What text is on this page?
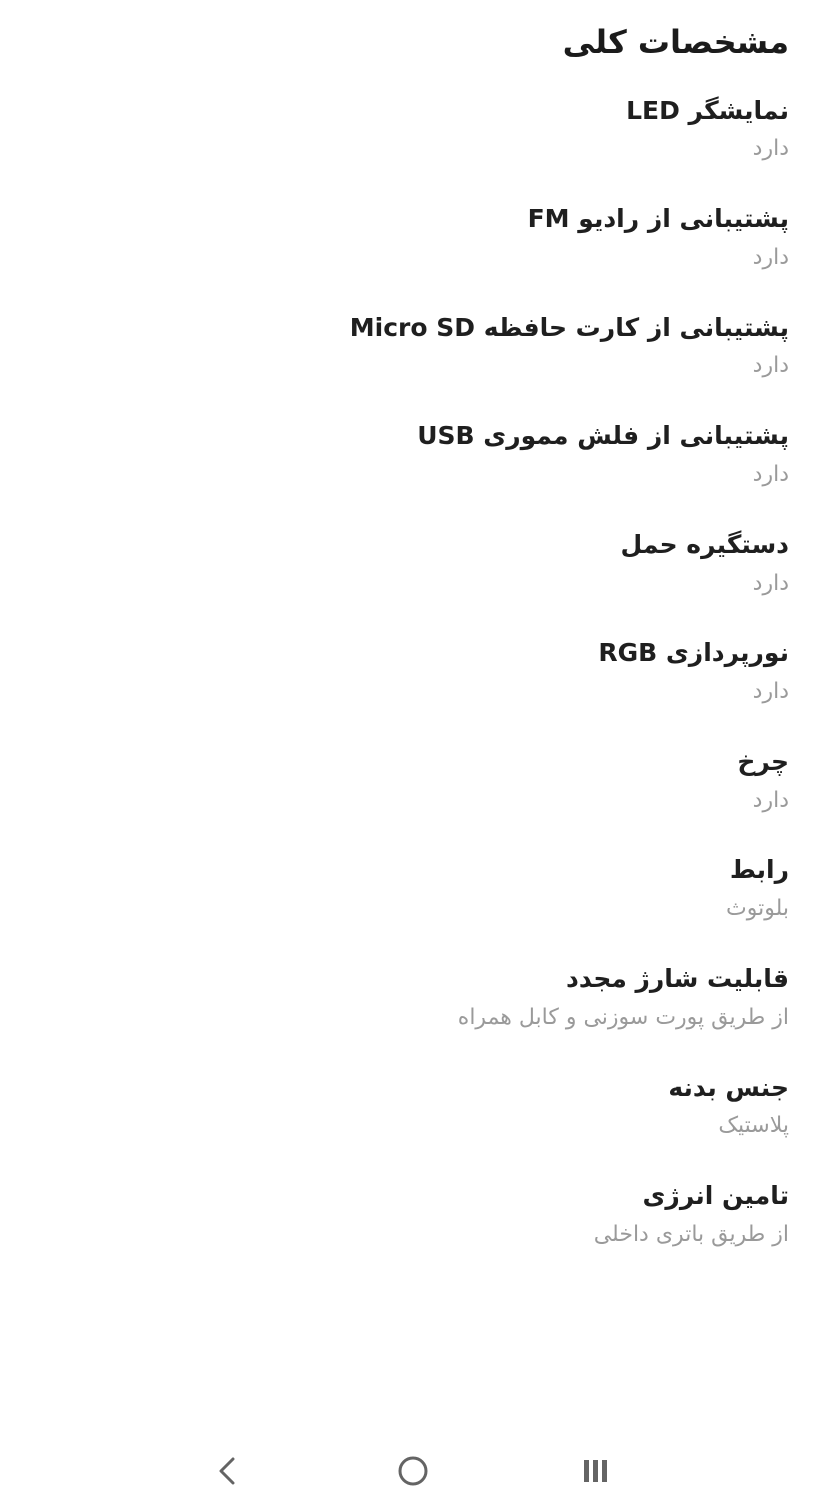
مشخصات کلی
نمایشگر LED
دارد
پشتیبانی از رادیو FM
دارد
پشتیبانی از کارت حافظه Micro SD
دارد
پشتیبانی از فلش مموری USB
دارد
دستگیره حمل
دارد
نورپردازی RGB
دارد
چرخ
دارد
رابط
بلوتوث
قابلیت شارژ مجدد
از طریق پورت سوزنی و کابل همراه
جنس بدنه
پلاستیک
تامین انرژی
از طریق باتری داخلی
